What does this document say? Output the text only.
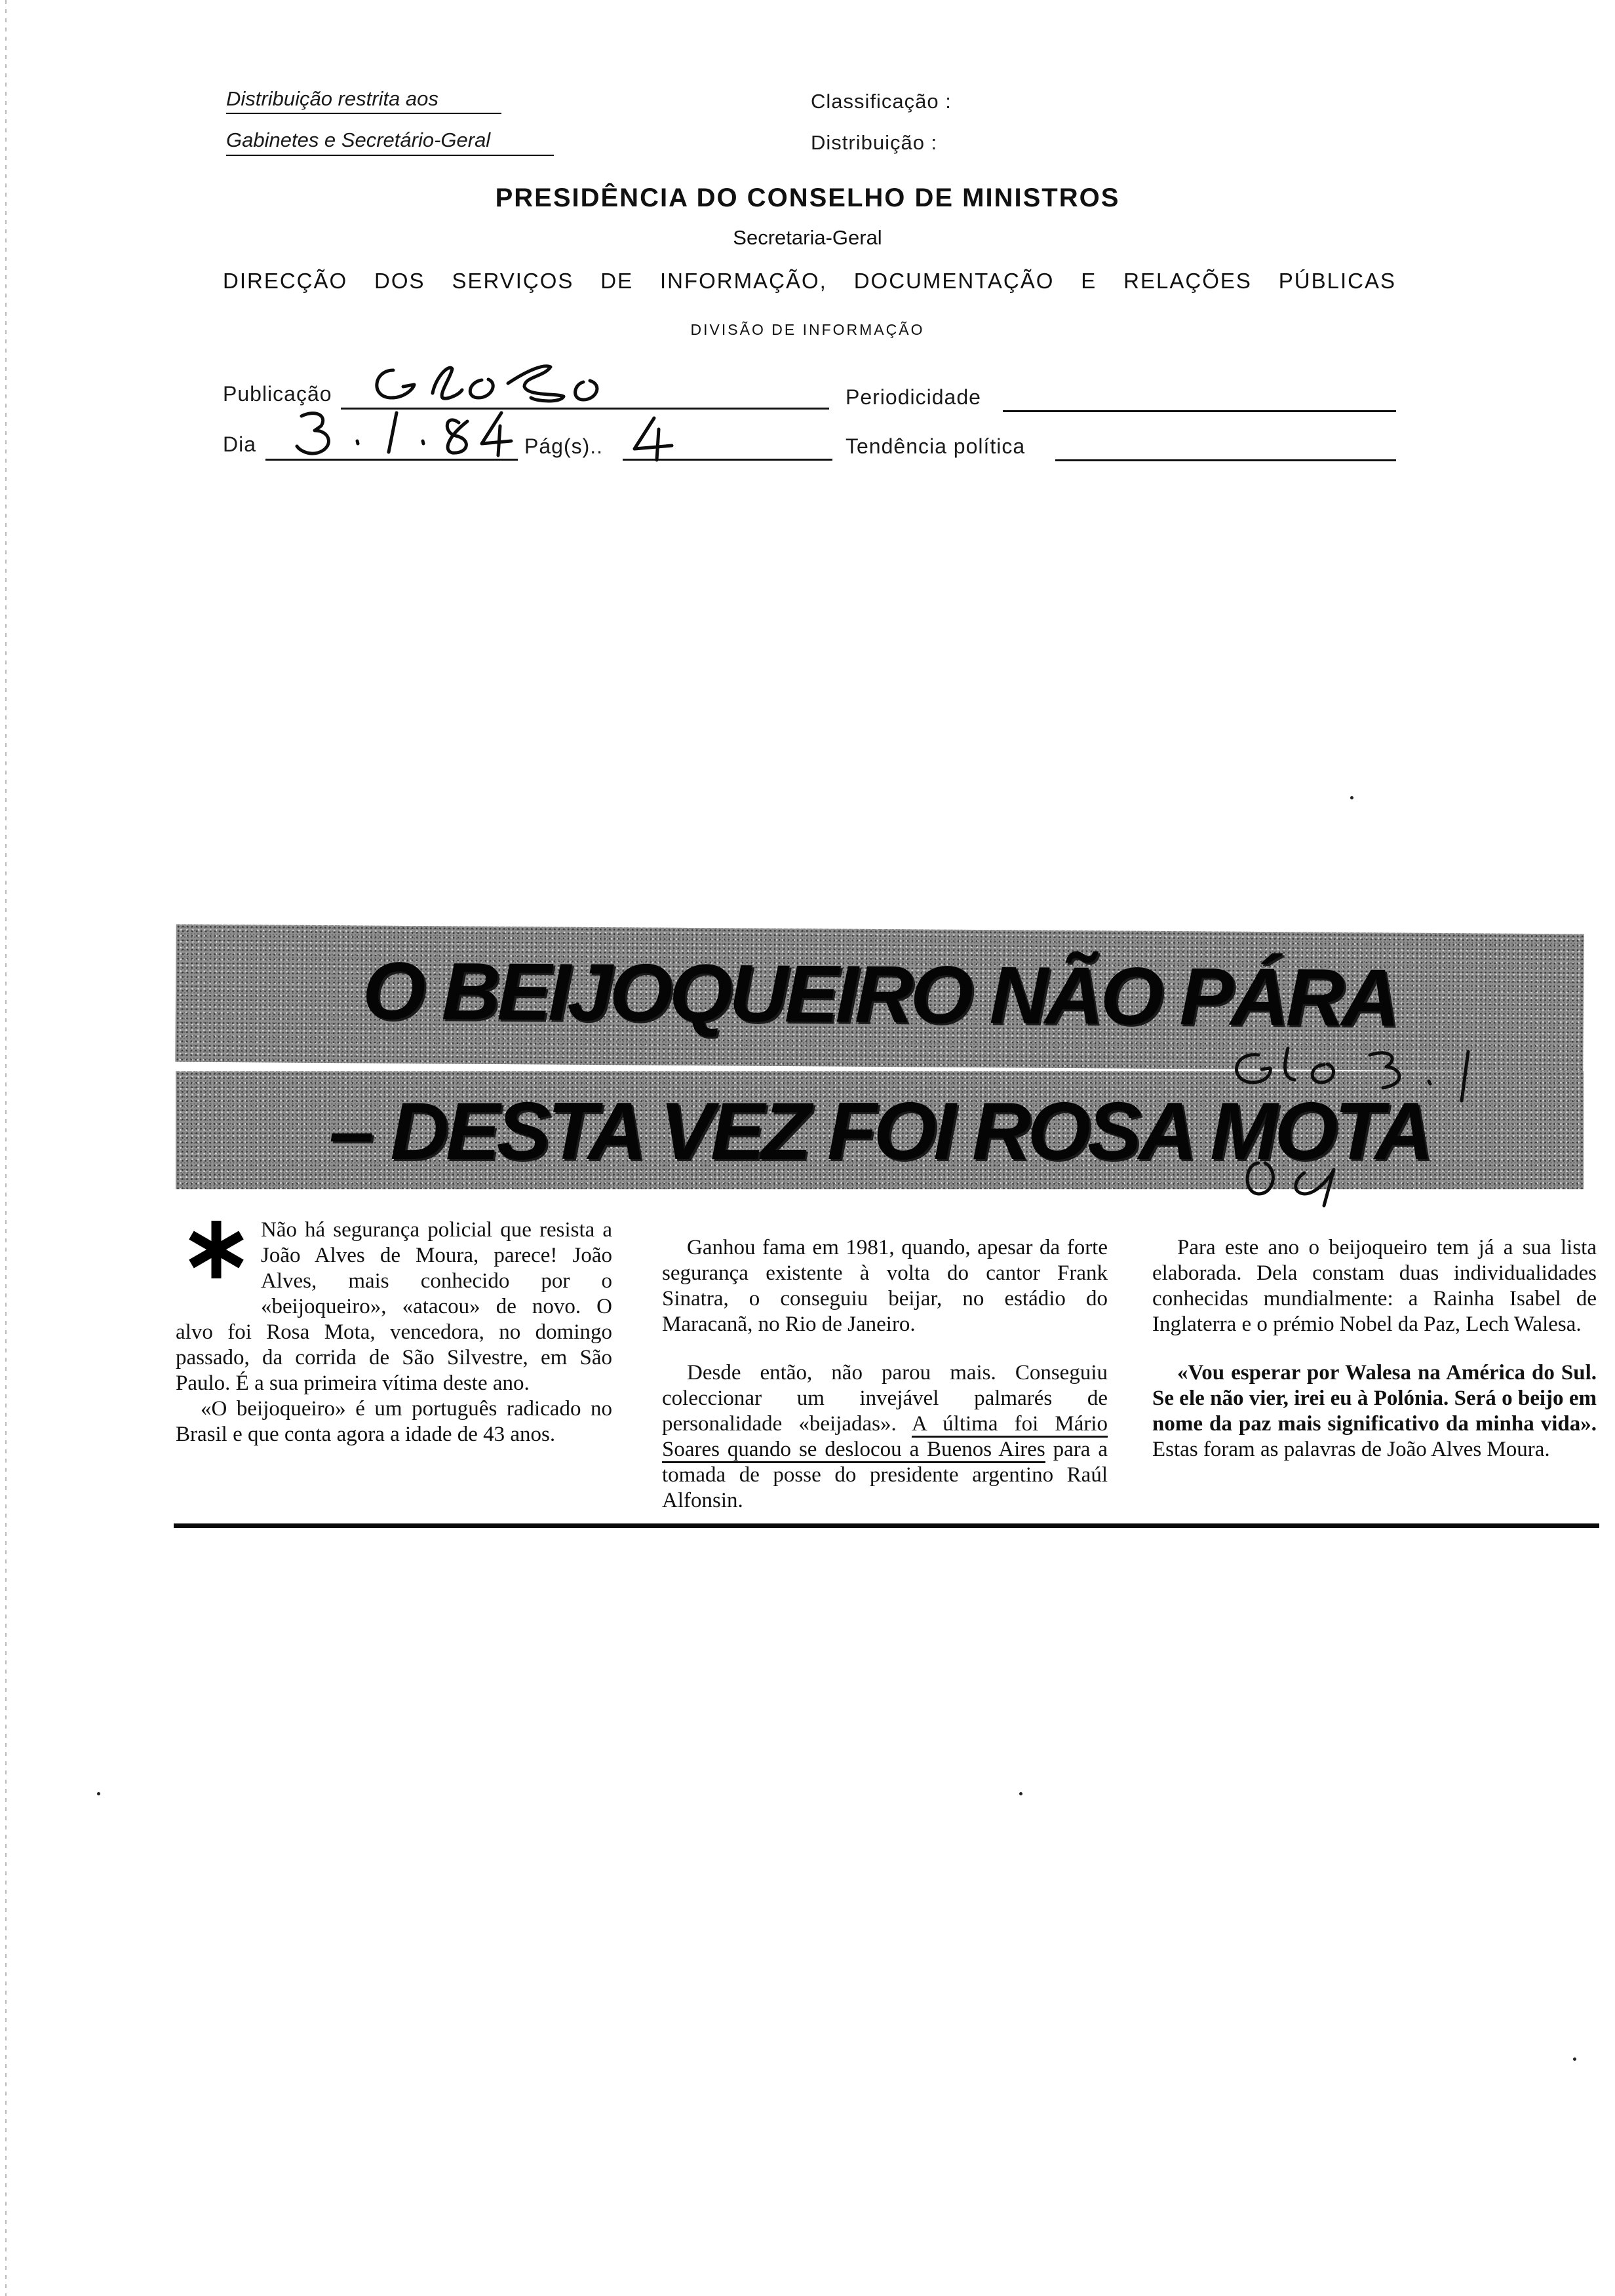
Distribuição restrita aos
Gabinetes e Secretário-Geral
Classificação :
Distribuição :
PRESIDÊNCIA DO CONSELHO DE MINISTROS
Secretaria-Geral
DIRECÇÃO DOS SERVIÇOS DE INFORMAÇÃO, DOCUMENTAÇÃO E RELAÇÕES PÚBLICAS
DIVISÃO DE INFORMAÇÃO
Publicação	Periodicidade
Dia	Pág(s)..	Tendência política
O BEIJOQUEIRO NÃO PÁRA
– DESTA VEZ FOI ROSA MOTA

Não há segurança policial que resista a João Alves de Moura, parece! João Alves, mais conhecido por o «beijoqueiro», «atacou» de novo. O alvo foi Rosa Mota, vencedora, no domingo passado, da corrida de São Silvestre, em São Paulo. É a sua primeira vítima deste ano.

«O beijoqueiro» é um português radicado no Brasil e que conta agora a idade de 43 anos.

Ganhou fama em 1981, quando, apesar da forte segurança existente à volta do cantor Frank Sinatra, o conseguiu beijar, no estádio do Maracanã, no Rio de Janeiro.

Desde então, não parou mais. Conseguiu coleccionar um invejável palmarés de personalidade «beijadas». A última foi Mário Soares quando se deslocou a Buenos Aires para a tomada de posse do presidente argentino Raúl Alfonsin.

Para este ano o beijoqueiro tem já a sua lista elaborada. Dela constam duas individualidades conhecidas mundialmente: a Rainha Isabel de Inglaterra e o prémio Nobel da Paz, Lech Walesa.

«Vou esperar por Walesa na América do Sul. Se ele não vier, irei eu à Polónia. Será o beijo em nome da paz mais significativo da minha vida». Estas foram as palavras de João Alves Moura.
